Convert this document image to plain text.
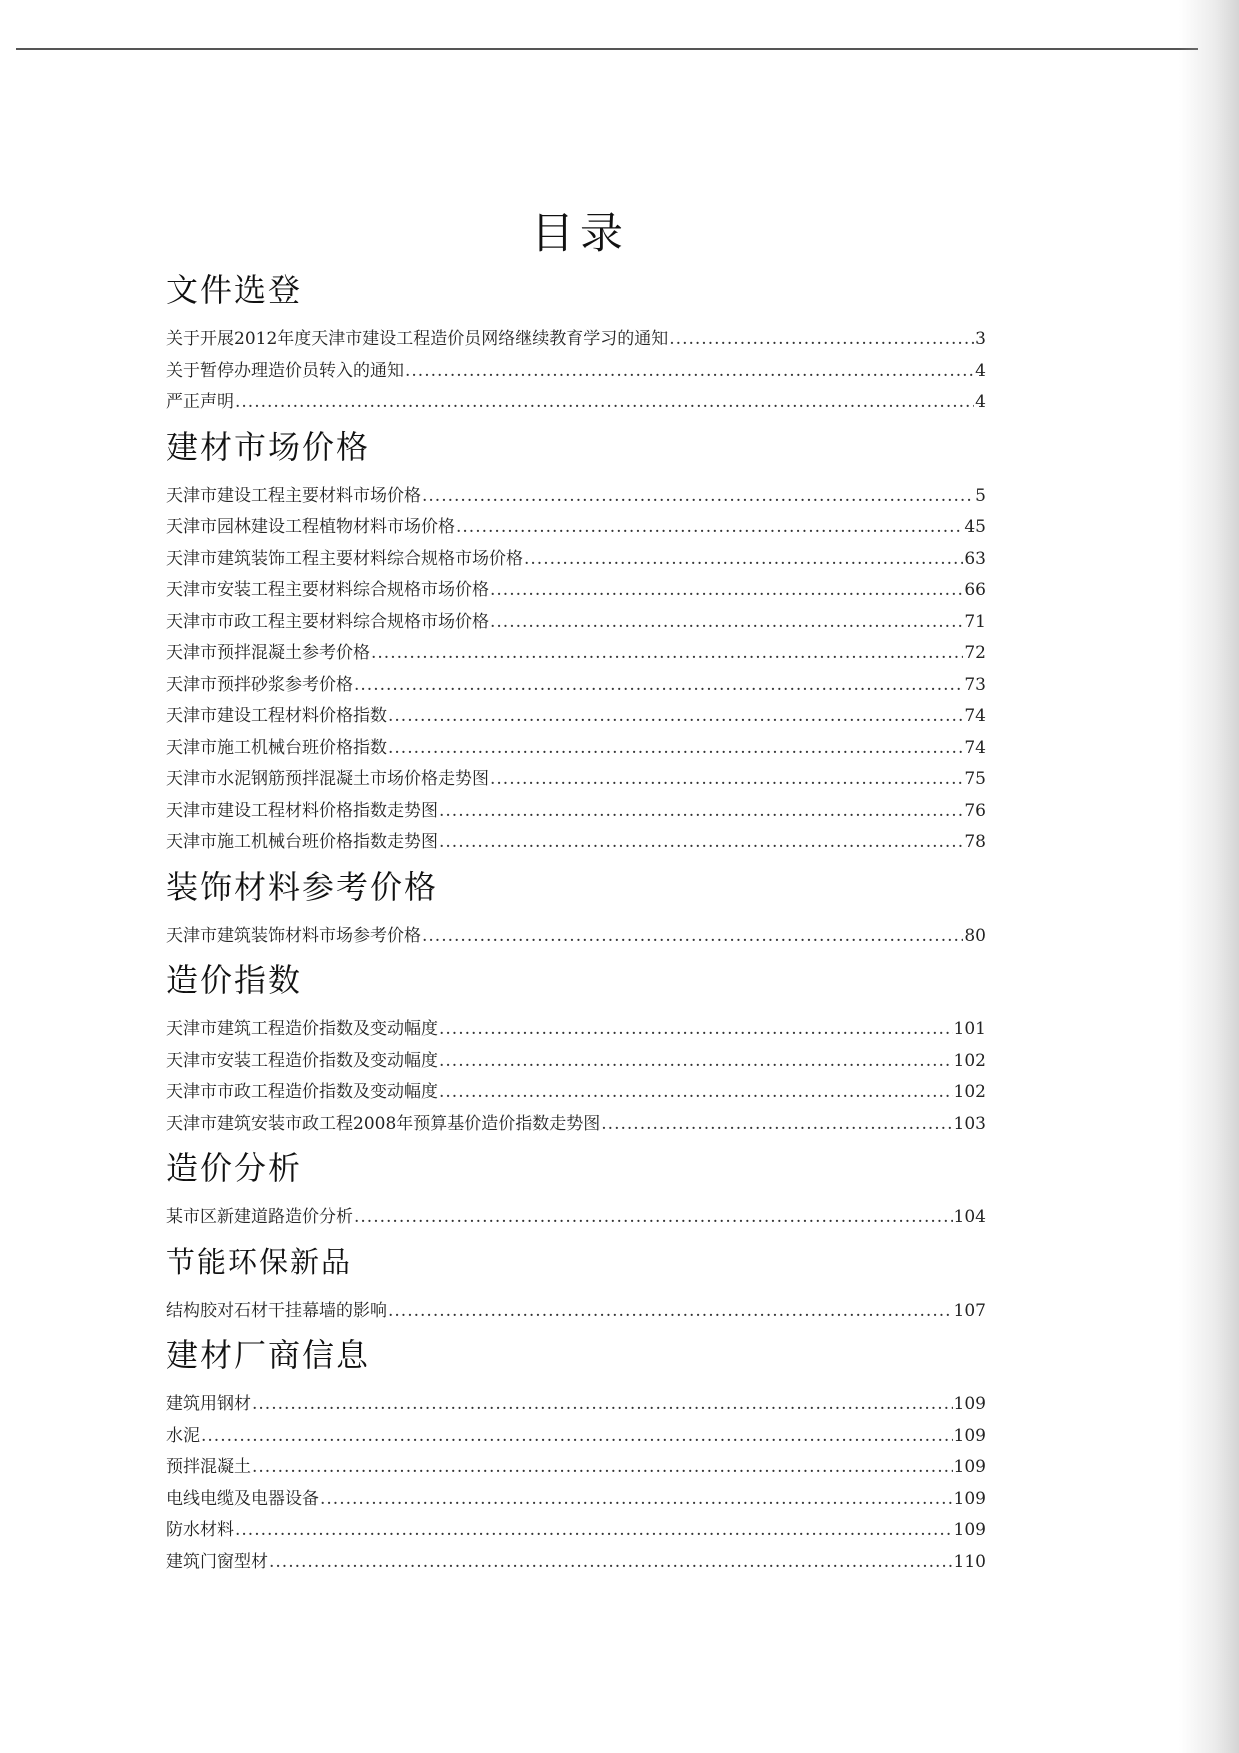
目录
文件选登
关于开展2012年度天津市建设工程造价员网络继续教育学习的通知 .....	3
关于暂停办理造价员转入的通知 .....	4
严正声明 .....	4
建材市场价格
天津市建设工程主要材料市场价格 .....	5
天津市园林建设工程植物材料市场价格 .....	45
天津市建筑装饰工程主要材料综合规格市场价格 .....	63
天津市安装工程主要材料综合规格市场价格 .....	66
天津市市政工程主要材料综合规格市场价格 .....	71
天津市预拌混凝土参考价格 .....	72
天津市预拌砂浆参考价格 .....	73
天津市建设工程材料价格指数 .....	74
天津市施工机械台班价格指数 .....	74
天津市水泥钢筋预拌混凝土市场价格走势图 .....	75
天津市建设工程材料价格指数走势图 .....	76
天津市施工机械台班价格指数走势图 .....	78
装饰材料参考价格
天津市建筑装饰材料市场参考价格 .....	80
造价指数
天津市建筑工程造价指数及变动幅度 .....	101
天津市安装工程造价指数及变动幅度 .....	102
天津市市政工程造价指数及变动幅度 .....	102
天津市建筑安装市政工程2008年预算基价造价指数走势图 .....	103
造价分析
某市区新建道路造价分析 .....	104
节能环保新品
结构胶对石材干挂幕墙的影响 .....	107
建材厂商信息
建筑用钢材 .....	109
水泥 .....	109
预拌混凝土 .....	109
电线电缆及电器设备 .....	109
防水材料 .....	109
建筑门窗型材 .....	110
